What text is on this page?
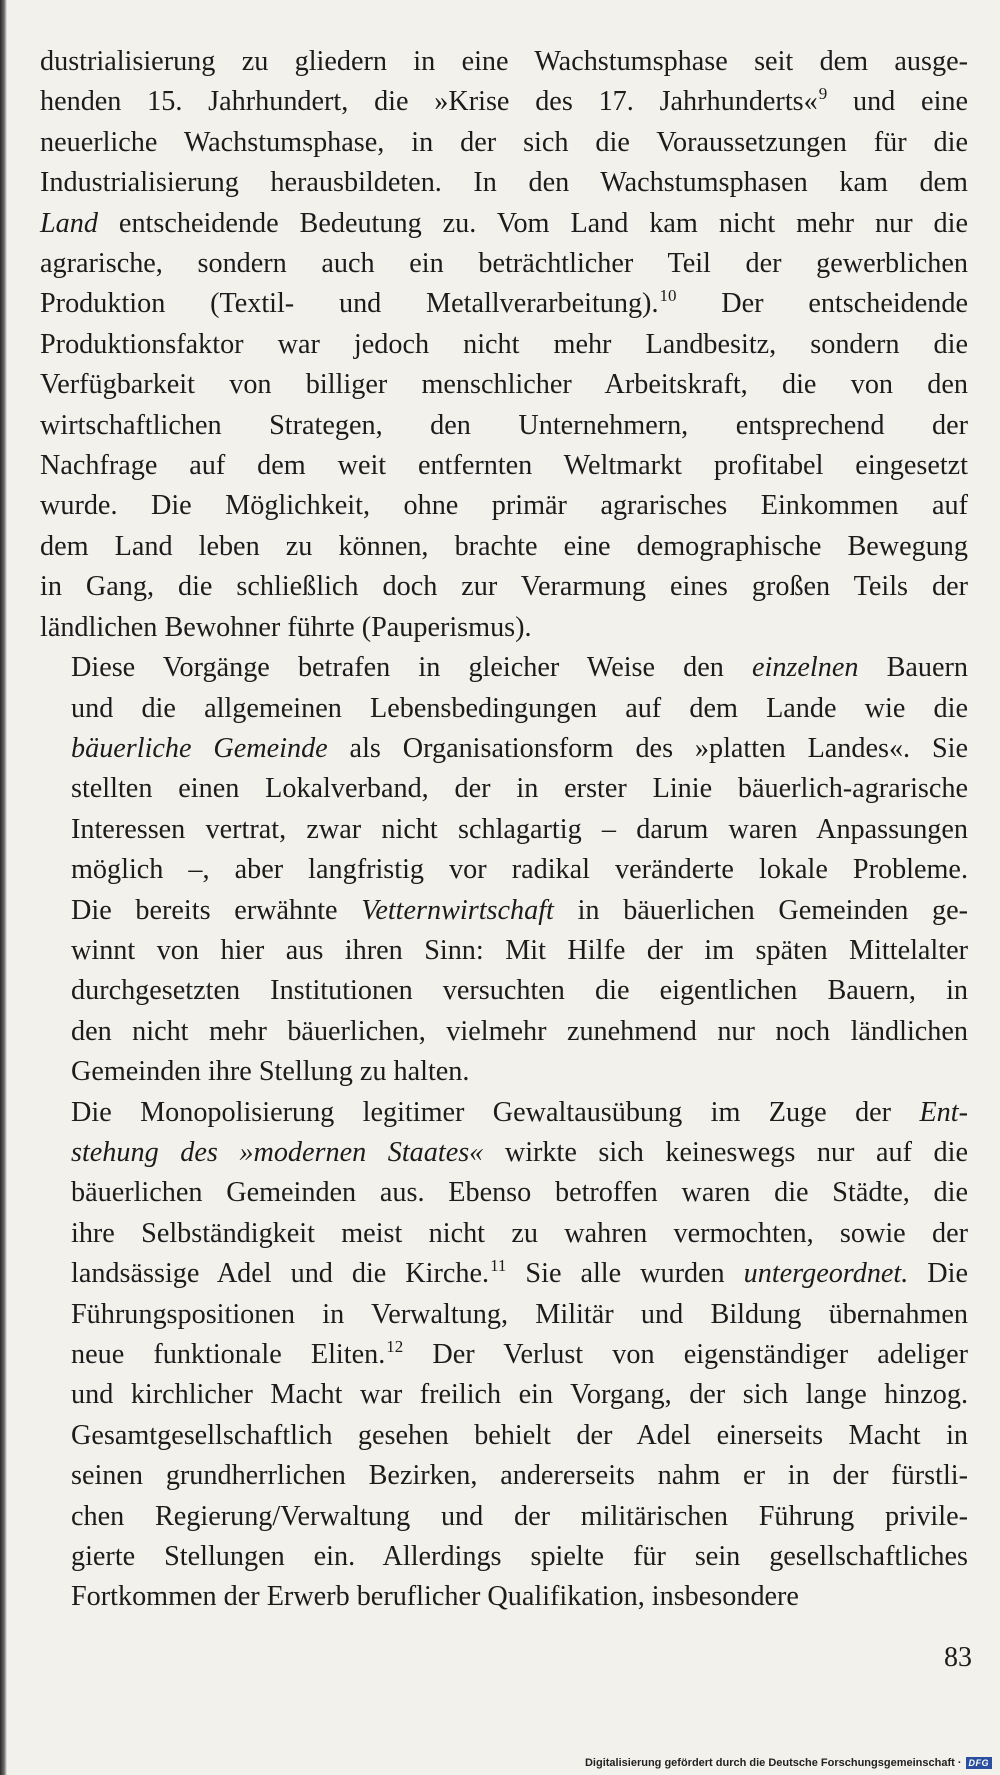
dustrialisierung zu gliedern in eine Wachstumsphase seit dem ausge-
henden 15. Jahrhundert, die »Krise des 17. Jahrhunderts«$^9$ und eine
neuerliche Wachstumsphase, in der sich die Voraussetzungen für die
Industrialisierung herausbildeten. In den Wachstumsphasen kam dem
Land entscheidende Bedeutung zu. Vom Land kam nicht mehr nur die
agrarische, sondern auch ein beträchtlicher Teil der gewerblichen
Produktion (Textil- und Metallverarbeitung).$^{10}$ Der entscheidende
Produktionsfaktor war jedoch nicht mehr Landbesitz, sondern die
Verfügbarkeit von billiger menschlicher Arbeitskraft, die von den
wirtschaftlichen Strategen, den Unternehmern, entsprechend der
Nachfrage auf dem weit entfernten Weltmarkt profitabel eingesetzt
wurde. Die Möglichkeit, ohne primär agrarisches Einkommen auf
dem Land leben zu können, brachte eine demographische Bewegung
in Gang, die schließlich doch zur Verarmung eines großen Teils der
ländlichen Bewohner führte (Pauperismus).

Diese Vorgänge betrafen in gleicher Weise den einzelnen Bauern
und die allgemeinen Lebensbedingungen auf dem Lande wie die
bäuerliche Gemeinde als Organisationsform des »platten Landes«. Sie
stellten einen Lokalverband, der in erster Linie bäuerlich-agrarische
Interessen vertrat, zwar nicht schlagartig – darum waren Anpassungen
möglich –, aber langfristig vor radikal veränderte lokale Probleme.
Die bereits erwähnte Vetternwirtschaft in bäuerlichen Gemeinden ge-
winnt von hier aus ihren Sinn: Mit Hilfe der im späten Mittelalter
durchgesetzten Institutionen versuchten die eigentlichen Bauern, in
den nicht mehr bäuerlichen, vielmehr zunehmend nur noch ländlichen
Gemeinden ihre Stellung zu halten.

Die Monopolisierung legitimer Gewaltausübung im Zuge der Ent-
stehung des »modernen Staates« wirkte sich keineswegs nur auf die
bäuerlichen Gemeinden aus. Ebenso betroffen waren die Städte, die
ihre Selbständigkeit meist nicht zu wahren vermochten, sowie der
landsässige Adel und die Kirche.$^{11}$ Sie alle wurden untergeordnet. Die
Führungspositionen in Verwaltung, Militär und Bildung übernahmen
neue funktionale Eliten.$^{12}$ Der Verlust von eigenständiger adeliger
und kirchlicher Macht war freilich ein Vorgang, der sich lange hinzog.
Gesamtgesellschaftlich gesehen behielt der Adel einerseits Macht in
seinen grundherrlichen Bezirken, andererseits nahm er in der fürstli-
chen Regierung/Verwaltung und der militärischen Führung privile-
gierte Stellungen ein. Allerdings spielte für sein gesellschaftliches
Fortkommen der Erwerb beruflicher Qualifikation, insbesondere

83
Digitalisierung gefördert durch die Deutsche Forschungsgemeinschaft · DFG
